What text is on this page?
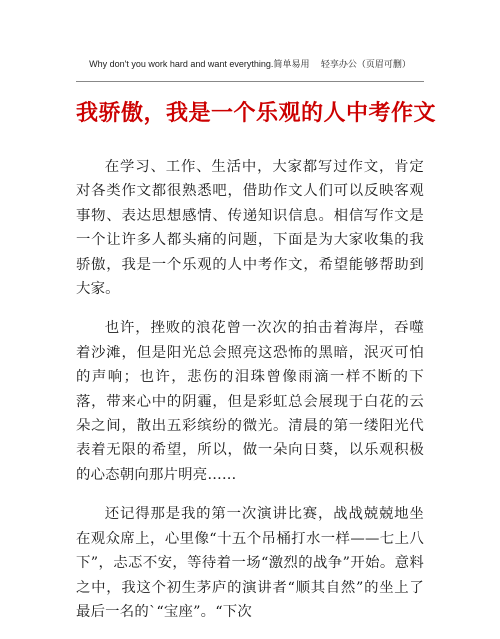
Why don't you work hard and want everything.简单易用    轻享办公（页眉可删）
我骄傲，我是一个乐观的人中考作文

在学习、工作、生活中，大家都写过作文，肯定对各类作文都很熟悉吧，借助作文人们可以反映客观事物、表达思想感情、传递知识信息。相信写作文是一个让许多人都头痛的问题，下面是为大家收集的我骄傲，我是一个乐观的人中考作文，希望能够帮助到大家。

也许，挫败的浪花曾一次次的拍击着海岸，吞噬着沙滩，但是阳光总会照亮这恐怖的黑暗，泯灭可怕的声响；也许，悲伤的泪珠曾像雨滴一样不断的下落，带来心中的阴霾，但是彩虹总会展现于白花的云朵之间，散出五彩缤纷的微光。清晨的第一缕阳光代表着无限的希望，所以，做一朵向日葵，以乐观积极的心态朝向那片明亮……

还记得那是我的第一次演讲比赛，战战兢兢地坐在观众席上，心里像“十五个吊桶打水一样——七上八下”，忐忑不安，等待着一场“激烈的战争”开始。意料之中，我这个初生茅庐的演讲者“顺其自然”的坐上了最后一名的`“宝座”。“下次
